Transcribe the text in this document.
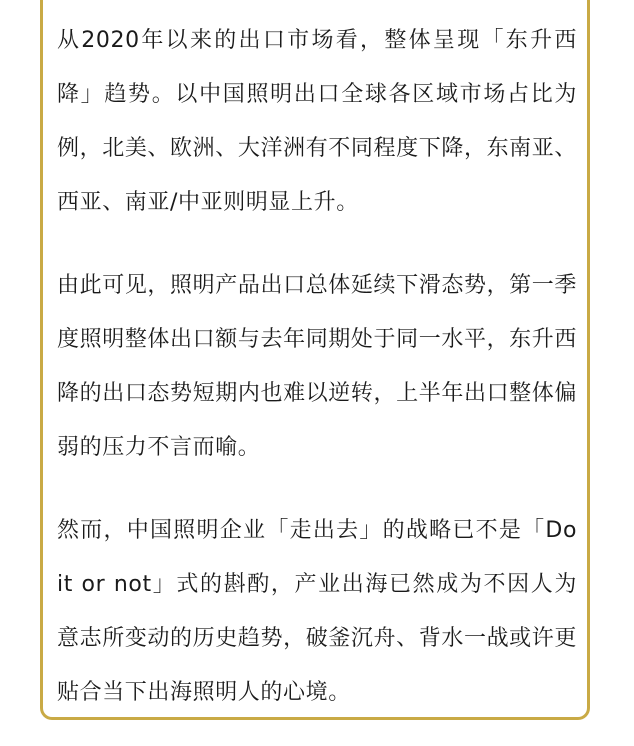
从2020年以来的出口市场看，整体呈现「东升西降」趋势。以中国照明出口全球各区域市场占比为例，北美、欧洲、大洋洲有不同程度下降，东南亚、西亚、南亚/中亚则明显上升。

由此可见，照明产品出口总体延续下滑态势，第一季度照明整体出口额与去年同期处于同一水平，东升西降的出口态势短期内也难以逆转，上半年出口整体偏弱的压力不言而喻。

然而，中国照明企业「走出去」的战略已不是「Do it or not」式的斟酌，产业出海已然成为不因人为意志所变动的历史趋势，破釜沉舟、背水一战或许更贴合当下出海照明人的心境。
